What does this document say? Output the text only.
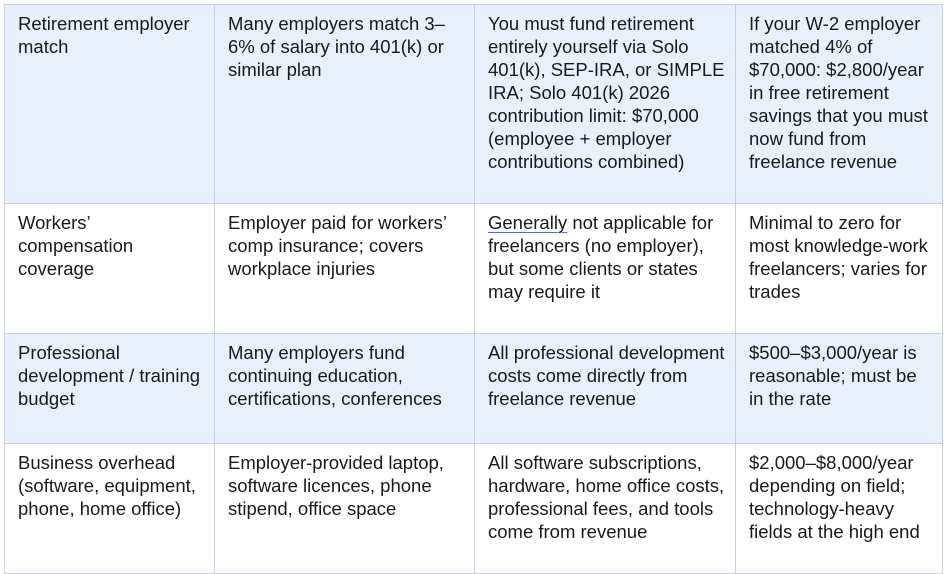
Retirement employer match	Many employers match 3–6% of salary into 401(k) or similar plan	You must fund retirement entirely yourself via Solo 401(k), SEP-IRA, or SIMPLE IRA; Solo 401(k) 2026 contribution limit: $70,000 (employee + employer contributions combined)	If your W-2 employer matched 4% of $70,000: $2,800/year in free retirement savings that you must now fund from freelance revenue
Workers’ compensation coverage	Employer paid for workers’ comp insurance; covers workplace injuries	Generally not applicable for freelancers (no employer), but some clients or states may require it	Minimal to zero for most knowledge-work freelancers; varies for trades
Professional development / training budget	Many employers fund continuing education, certifications, conferences	All professional development costs come directly from freelance revenue	$500–$3,000/year is reasonable; must be in the rate
Business overhead (software, equipment, phone, home office)	Employer-provided laptop, software licences, phone stipend, office space	All software subscriptions, hardware, home office costs, professional fees, and tools come from revenue	$2,000–$8,000/year depending on field; technology-heavy fields at the high end
